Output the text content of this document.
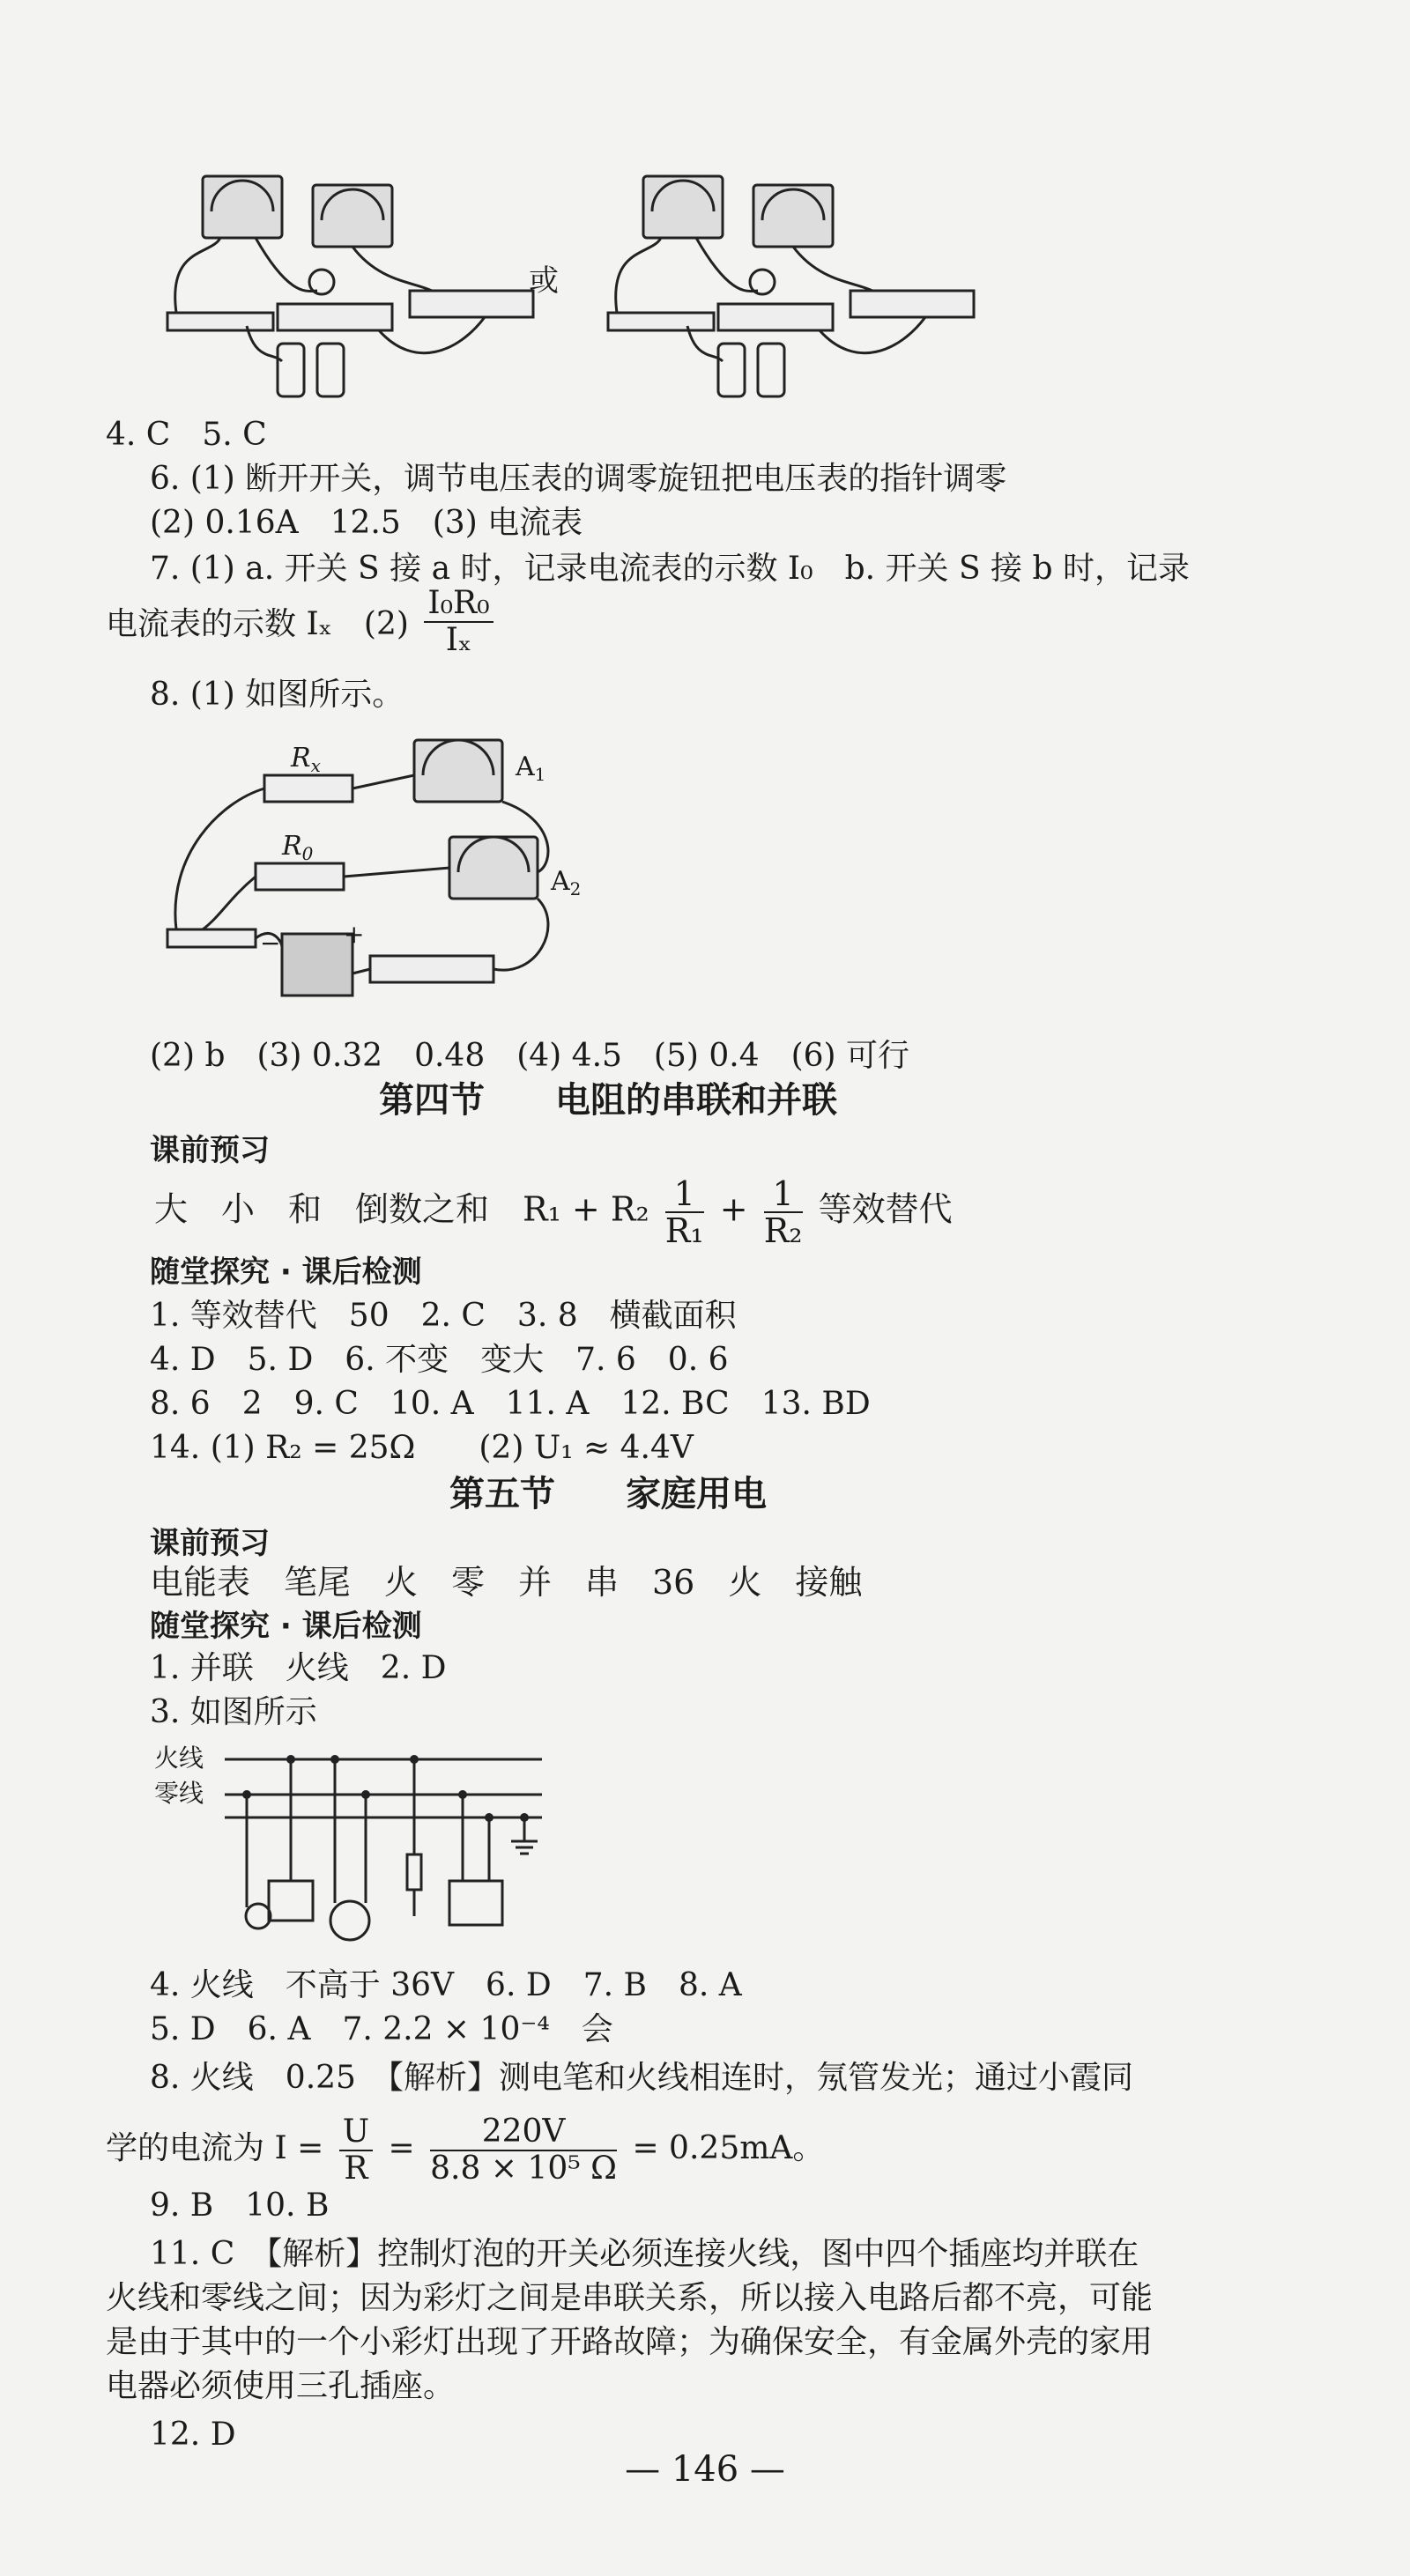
或
4. C　5. C
6. (1) 断开开关，调节电压表的调零旋钮把电压表的指针调零
(2) 0.16A　12.5　(3) 电流表
7. (1) a. 开关 S 接 a 时，记录电流表的示数 I₀　b. 开关 S 接 b 时，记录
电流表的示数 Iₓ　$(2) \frac{\text{I₀R₀}}{\text{Iₓ}}$
8. (1) 如图所示。
$R_x$
$R_0$
$A_1$
$A_2$
−	+
(2) b　(3) 0.32　0.48　(4) 4.5　(5) 0.4　(6) 可行
第四节　　电阻的串联和并联
课前预习
大　小　和　倒数之和　$R_1 + R_2 \frac{1}{\text{R₁}} + \frac{1}{\text{R₂}}$ 等效替代
随堂探究 · 课后检测
1. 等效替代　50　2. C　3. 8　横截面积
4. D　5. D　6. 不变　变大　7. 6　0. 6
8. 6　2　9. C　10. A　11. A　12. BC　13. BD
14. (1) R₂ = 25Ω　　(2) U₁ ≈ 4.4V
第五节　　家庭用电
课前预习
电能表　笔尾　火　零　并　串　36　火　接触
随堂探究 · 课后检测
1. 并联　火线　2. D
3. 如图所示
火线
零线
4. 火线　不高于 36V　6. D　7. B　8. A
5. D　6. A　7. 2.2 × 10⁻⁴　会
8. 火线　0.25　【解析】测电笔和火线相连时，氖管发光；通过小霞同
学的电流为 $I = \frac{U}{R} = \frac{220V}{\text{8.8 × 10⁵ Ω}} = 0.25mA$。
9. B　10. B
11. C　【解析】控制灯泡的开关必须连接火线，图中四个插座均并联在
火线和零线之间；因为彩灯之间是串联关系，所以接入电路后都不亮，可能
是由于其中的一个小彩灯出现了开路故障；为确保安全，有金属外壳的家用
电器必须使用三孔插座。
12. D
— 146 —
